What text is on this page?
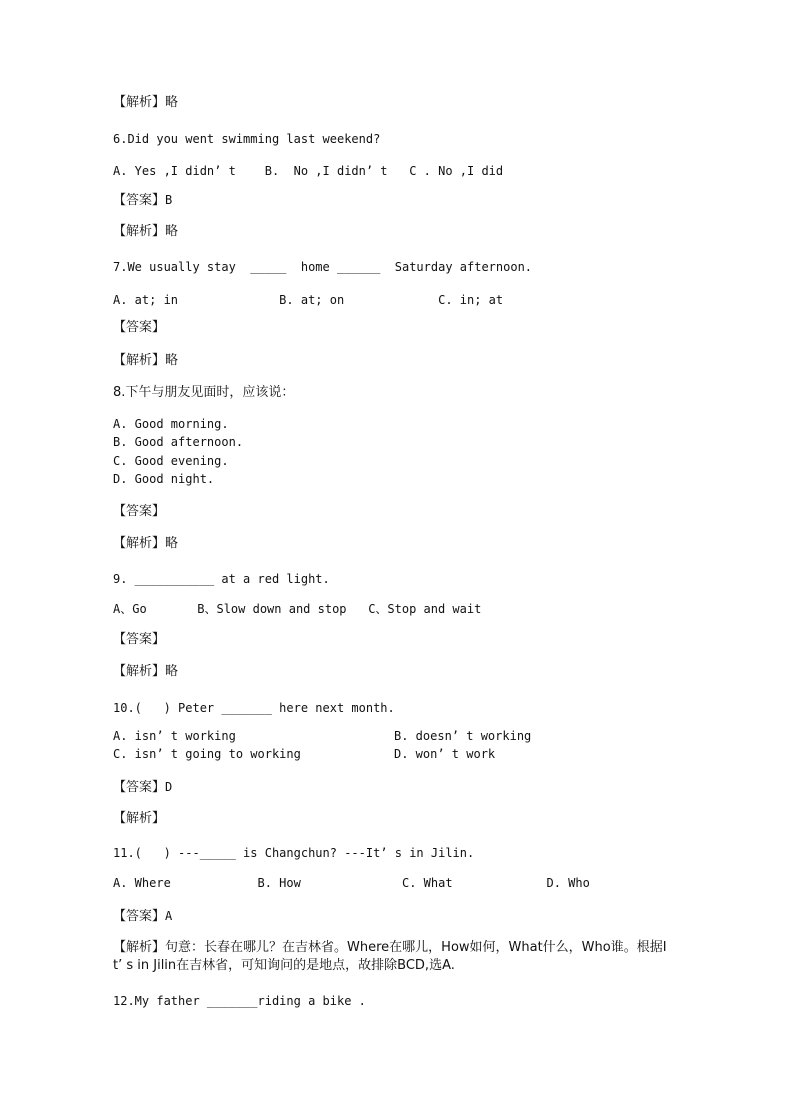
【解析】略
6.Did you went swimming last weekend?
A. Yes ,I didn’ t    B.  No ,I didn’ t   C . No ,I did
【答案】B
【解析】略
7.We usually stay  _____  home ______  Saturday afternoon.
A. at; in              B. at; on             C. in; at
【答案】
【解析】略
8.下午与朋友见面时，应该说：
A. Good morning.
B. Good afternoon.
C. Good evening.
D. Good night.
【答案】
【解析】略
9. ___________ at a red light.
A、Go       B、Slow down and stop   C、Stop and wait
【答案】
【解析】略
10.(   ) Peter _______ here next month.
A. isn’ t working	B. doesn’ t working
C. isn’ t going to working	D. won’ t work
【答案】D
【解析】
11.(   ) ---_____ is Changchun? ---It’ s in Jilin.
A. Where            B. How              C. What             D. Who
【答案】A
【解析】句意：长春在哪儿？在吉林省。Where在哪儿，How如何，What什么，Who谁。根据I
t’ s in Jilin在吉林省，可知询问的是地点，故排除BCD,选A.
12.My father _______riding a bike .
